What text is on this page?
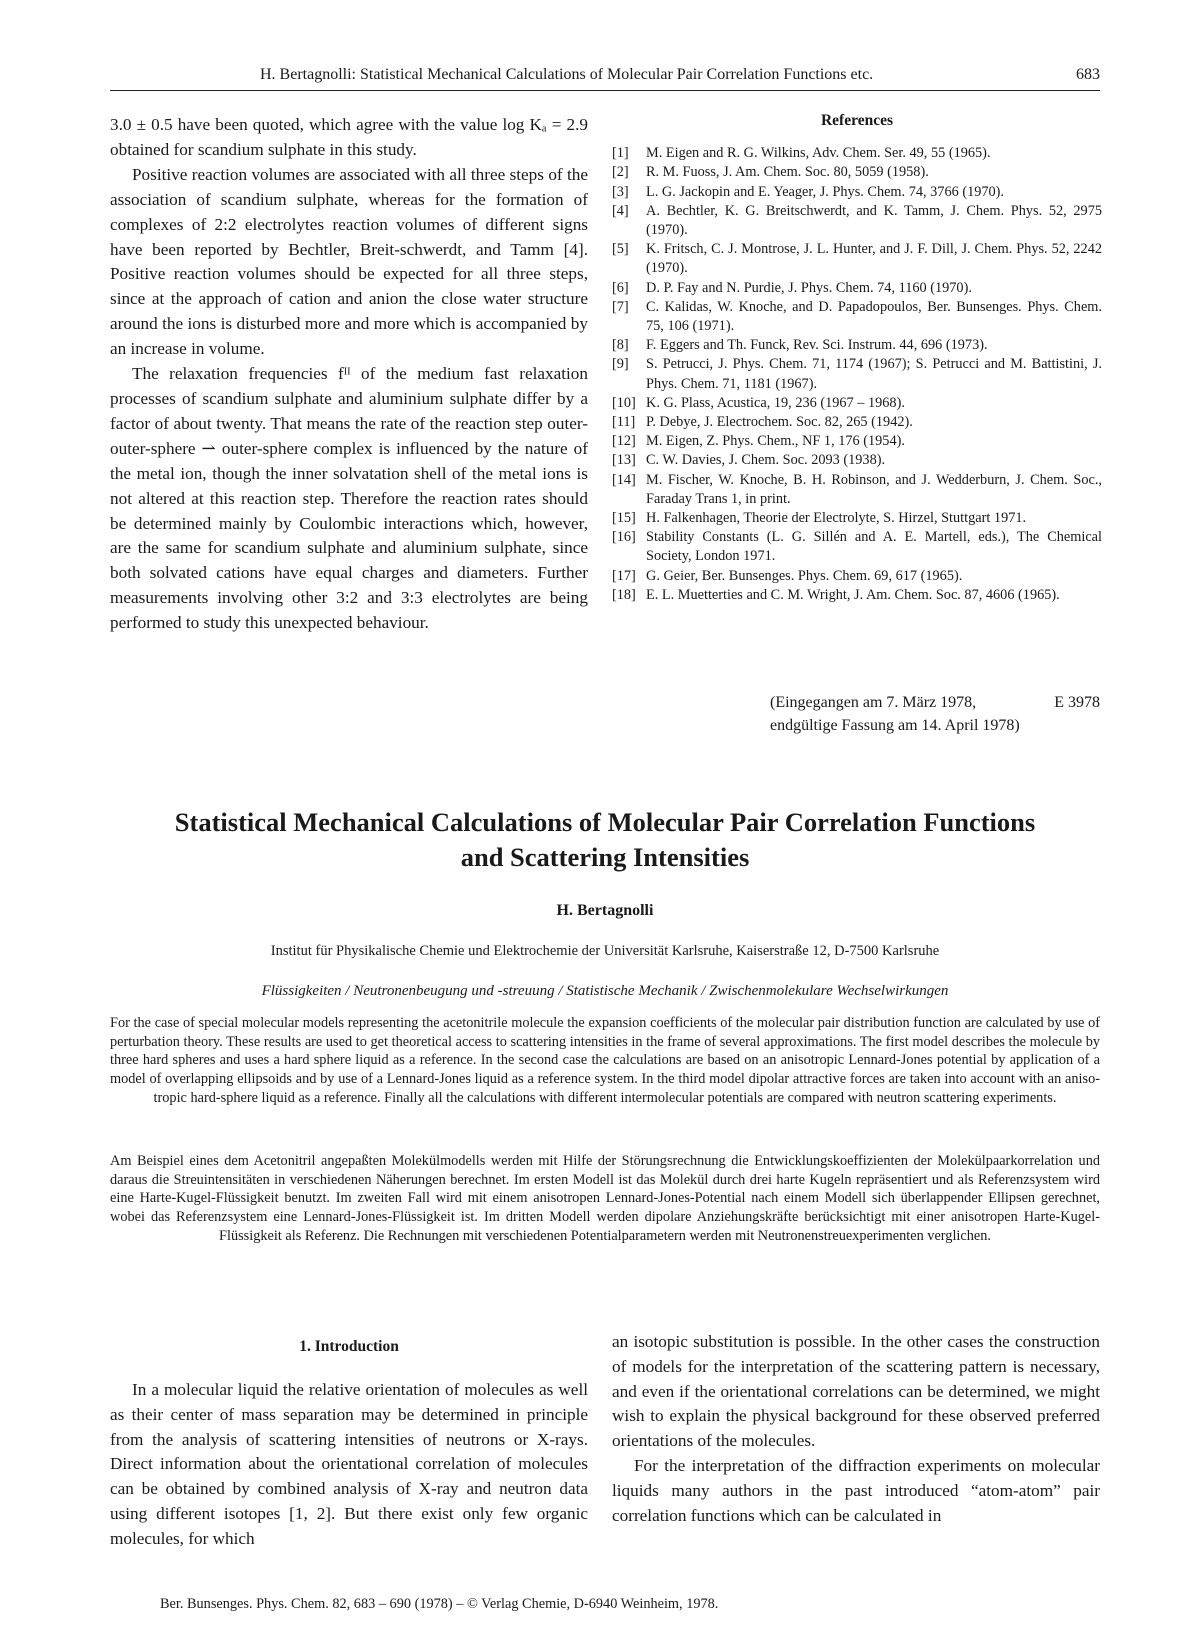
H. Bertagnolli: Statistical Mechanical Calculations of Molecular Pair Correlation Functions etc.	683

3.0 ± 0.5 have been quoted, which agree with the value log Kₐ = 2.9 obtained for scandium sulphate in this study.

Positive reaction volumes are associated with all three steps of the association of scandium sulphate, whereas for the formation of complexes of 2:2 electrolytes reaction volumes of different signs have been reported by Bechtler, Breit-schwerdt, and Tamm [4]. Positive reaction volumes should be expected for all three steps, since at the approach of cation and anion the close water structure around the ions is disturbed more and more which is accompanied by an increase in volume.

The relaxation frequencies fᴵᴵ of the medium fast relaxation processes of scandium sulphate and aluminium sulphate differ by a factor of about twenty. That means the rate of the reaction step outer-outer-sphere ⇀ outer-sphere complex is influenced by the nature of the metal ion, though the inner solvatation shell of the metal ions is not altered at this reaction step. Therefore the reaction rates should be determined mainly by Coulombic interactions which, however, are the same for scandium sulphate and aluminium sulphate, since both solvated cations have equal charges and diameters. Further measurements involving other 3:2 and 3:3 electrolytes are being performed to study this unexpected behaviour.

References
[1] M. Eigen and R. G. Wilkins, Adv. Chem. Ser. 49, 55 (1965).
[2] R. M. Fuoss, J. Am. Chem. Soc. 80, 5059 (1958).
[3] L. G. Jackopin and E. Yeager, J. Phys. Chem. 74, 3766 (1970).
[4] A. Bechtler, K. G. Breitschwerdt, and K. Tamm, J. Chem. Phys. 52, 2975 (1970).
[5] K. Fritsch, C. J. Montrose, J. L. Hunter, and J. F. Dill, J. Chem. Phys. 52, 2242 (1970).
[6] D. P. Fay and N. Purdie, J. Phys. Chem. 74, 1160 (1970).
[7] C. Kalidas, W. Knoche, and D. Papadopoulos, Ber. Bunsenges. Phys. Chem. 75, 106 (1971).
[8] F. Eggers and Th. Funck, Rev. Sci. Instrum. 44, 696 (1973).
[9] S. Petrucci, J. Phys. Chem. 71, 1174 (1967); S. Petrucci and M. Battistini, J. Phys. Chem. 71, 1181 (1967).
[10] K. G. Plass, Acustica, 19, 236 (1967 – 1968).
[11] P. Debye, J. Electrochem. Soc. 82, 265 (1942).
[12] M. Eigen, Z. Phys. Chem., NF 1, 176 (1954).
[13] C. W. Davies, J. Chem. Soc. 2093 (1938).
[14] M. Fischer, W. Knoche, B. H. Robinson, and J. Wedderburn, J. Chem. Soc., Faraday Trans 1, in print.
[15] H. Falkenhagen, Theorie der Electrolyte, S. Hirzel, Stuttgart 1971.
[16] Stability Constants (L. G. Sillén and A. E. Martell, eds.), The Chemical Society, London 1971.
[17] G. Geier, Ber. Bunsenges. Phys. Chem. 69, 617 (1965).
[18] E. L. Muetterties and C. M. Wright, J. Am. Chem. Soc. 87, 4606 (1965).
(Eingegangen am 7. März 1978,	E 3978
endgültige Fassung am 14. April 1978)
Statistical Mechanical Calculations of Molecular Pair Correlation Functions
and Scattering Intensities
H. Bertagnolli
Institut für Physikalische Chemie und Elektrochemie der Universität Karlsruhe, Kaiserstraße 12, D-7500 Karlsruhe
Flüssigkeiten / Neutronenbeugung und -streuung / Statistische Mechanik / Zwischenmolekulare Wechselwirkungen

For the case of special molecular models representing the acetonitrile molecule the expansion coefficients of the molecular pair distribution function are calculated by use of perturbation theory. These results are used to get theoretical access to scattering intensities in the frame of several approximations. The first model describes the molecule by three hard spheres and uses a hard sphere liquid as a reference. In the second case the calculations are based on an anisotropic Lennard-Jones potential by application of a model of overlapping ellipsoids and by use of a Lennard-Jones liquid as a reference system. In the third model dipolar attractive forces are taken into account with an aniso-tropic hard-sphere liquid as a reference. Finally all the calculations with different intermolecular potentials are compared with neutron scattering experiments.

Am Beispiel eines dem Acetonitril angepaßten Molekülmodells werden mit Hilfe der Störungsrechnung die Entwicklungskoeffizienten der Molekülpaarkorrelation und daraus die Streuintensitäten in verschiedenen Näherungen berechnet. Im ersten Modell ist das Molekül durch drei harte Kugeln repräsentiert und als Referenzsystem wird eine Harte-Kugel-Flüssigkeit benutzt. Im zweiten Fall wird mit einem anisotropen Lennard-Jones-Potential nach einem Modell sich überlappender Ellipsen gerechnet, wobei das Referenzsystem eine Lennard-Jones-Flüssigkeit ist. Im dritten Modell werden dipolare Anziehungskräfte berücksichtigt mit einer anisotropen Harte-Kugel-Flüssigkeit als Referenz. Die Rechnungen mit verschiedenen Potentialparametern werden mit Neutronenstreuexperimenten verglichen.

1. Introduction

In a molecular liquid the relative orientation of molecules as well as their center of mass separation may be determined in principle from the analysis of scattering intensities of neutrons or X-rays. Direct information about the orientational correlation of molecules can be obtained by combined analysis of X-ray and neutron data using different isotopes [1, 2]. But there exist only few organic molecules, for which

an isotopic substitution is possible. In the other cases the construction of models for the interpretation of the scattering pattern is necessary, and even if the orientational correlations can be determined, we might wish to explain the physical background for these observed preferred orientations of the molecules.

For the interpretation of the diffraction experiments on molecular liquids many authors in the past introduced “atom-atom” pair correlation functions which can be calculated in

Ber. Bunsenges. Phys. Chem. 82, 683 – 690 (1978) – © Verlag Chemie, D-6940 Weinheim, 1978.
